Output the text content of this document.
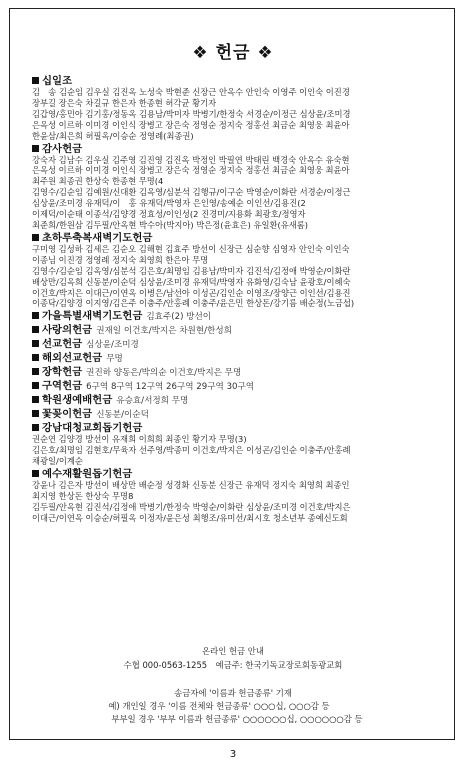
❖ 헌금 ❖
십일조
김　송 김순임 김우실 김진옥 노성숙 박현준 신장근 안옥수 안인숙 이영주 이인숙 이진경
장부길 장은숙 차길규 한은자 한종현 허각균 황기자
김갑영/홍민아 김기홍/정동옥 김용남/박미자 박병기/한정숙 서경순/이정근 심상윤/조미경
은옥성 이르하 이미경 이인식 장병고 장은숙 정영순 정지숙 정홍선 최금순 최영웅 최윤아
한윤삼/최은희 허필옥/이승순 정영례(최종권)
감사헌금
강숙자 김남수 김우실 김주영 김진영 김진옥 박정인 박필연 박태린 백경숙 안옥수 유숙현
은옥성 이르하 이미경 이인식 장병고 장은숙 정영순 정지숙 정홍선 최금순 최영웅 최윤아
최주원 최종권 한상숙 한종현 무명(4
김영수/김순임 김예원/신대환 김옥영/심분석 김행규/이구순 박영순/이화란 서경순/이정근
심상윤/조미경 유재덕/이　홍 유재덕/박영자 은인영/송예순 이인선/김용진(2
이제덕/이순태 이종석/김양경 정효성/이인성(2 진경미/지용화 최광호/정영자
최준희/한원삼 김두필/안옥현 박수아(박지아) 박은정(윤효은) 유일환(유새롬)
초하루축복새벽기도헌금
구미영 김성하 김세은 김순오 김해현 김효주 방선이 신장근 심순향 심영자 안인숙 이인숙
이종님 이진경 정영례 정지숙 최영희 한은아 무명
김영수/김순임 김옥영/심분석 김은호/최명임 김용남/박미자 김진석/김정애 박영순/이화란
배상만/김옥희 신동분/이순덕 심상윤/조미경 유재덕/박영자 유화영/김숙남 윤광호/이혜숙
이건호/박지은 이대근/이연옥 이병은/남선아 이성곤/김인순 이영조/장양근 이인선/김용진
이종닥/김양경 이지영/김은주 이충주/안홍례 이충주/윤은민 한상돈/강기름 배순정(노금섭)
가을특별새벽기도헌금 김효주(2) 방선이
사랑의헌금 권재일 이건호/박지은 차원현/한성희
선교헌금 심상윤/조미경
해외선교헌금 무명
장학헌금 권진하 양동은/박의순 이건호/박지은 무명
구역헌금 6구역 8구역 12구역 26구역 29구역 30구역
학원생예배헌금 유승효/서정희 무명
꽃꽂이헌금 신동분/이순덕
강남대청교회돕기헌금
권순연 김양경 방선이 유재희 이희희 최종인 황기자 무명(3)
김은호/최명임 김현호/무육자 선주영/박종미 이건호/박지은 이성곤/김인순 이충주/안홍례
채광일/이계순
예수재활원돕기헌금
강윤나 김은자 방선이 배상만 배순정 성경화 신동분 신장근 유재덕 정지숙 최영희 최종인
최지영 한상돈 한상숙 무명8
김두필/안옥현 김진석/김정애 박병기/한정숙 박영순/이화란 심상윤/조미경 이건호/박지은
이대근/이연옥 이승순/허필옥 이정자/윤은성 최행조/유미선/최시호 청소년부 종예신도회
온라인 헌금 안내
수협 000-0563-1255　예금주: 한국기독교장로회동광교회
송금자에 '이름과 헌금종류' 기재
예) 개인일 경우 '이름 전체와 헌금종류' ○○○십, ○○○감 등
부부일 경우 '부부 이름과 헌금종류' ○○○○○○십, ○○○○○○감 등
3
